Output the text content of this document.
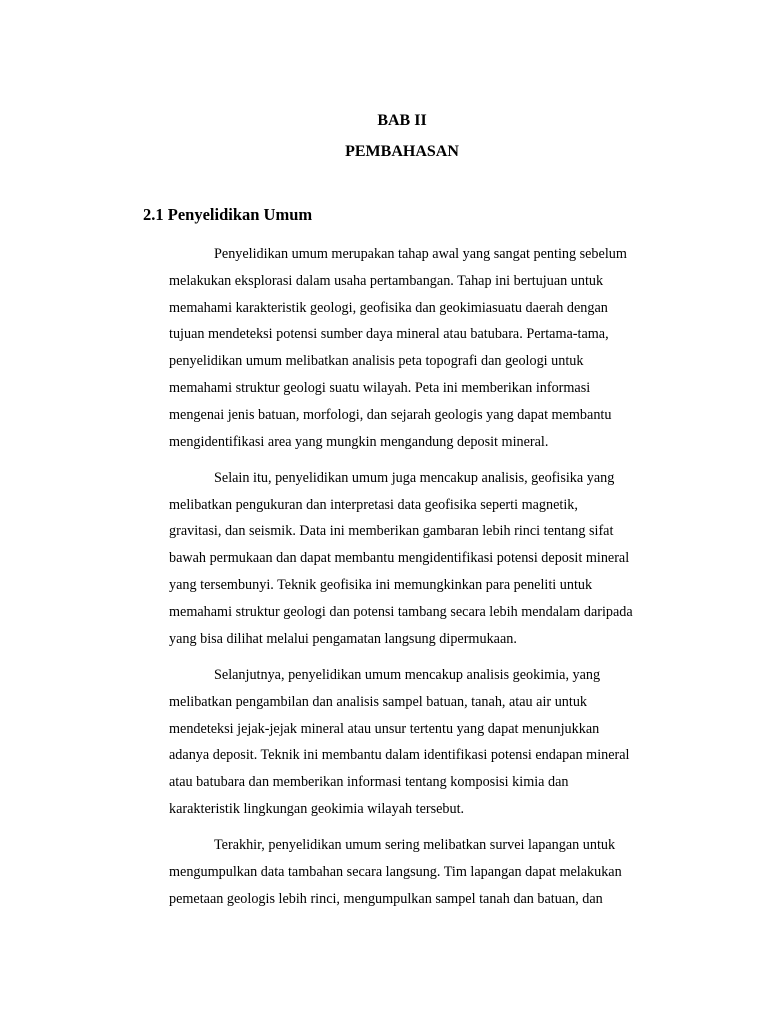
BAB II
PEMBAHASAN
2.1 Penyelidikan Umum

Penyelidikan umum merupakan tahap awal yang sangat penting sebelum
melakukan eksplorasi dalam usaha pertambangan. Tahap ini bertujuan untuk
memahami karakteristik geologi, geofisika dan geokimiasuatu daerah dengan
tujuan mendeteksi potensi sumber daya mineral atau batubara. Pertama-tama,
penyelidikan umum melibatkan analisis peta topografi dan geologi untuk
memahami struktur geologi suatu wilayah. Peta ini memberikan informasi
mengenai jenis batuan, morfologi, dan sejarah geologis yang dapat membantu
mengidentifikasi area yang mungkin mengandung deposit mineral.

Selain itu, penyelidikan umum juga mencakup analisis, geofisika yang
melibatkan pengukuran dan interpretasi data geofisika seperti magnetik,
gravitasi, dan seismik. Data ini memberikan gambaran lebih rinci tentang sifat
bawah permukaan dan dapat membantu mengidentifikasi potensi deposit mineral
yang tersembunyi. Teknik geofisika ini memungkinkan para peneliti untuk
memahami struktur geologi dan potensi tambang secara lebih mendalam daripada
yang bisa dilihat melalui pengamatan langsung dipermukaan.

Selanjutnya, penyelidikan umum mencakup analisis geokimia, yang
melibatkan pengambilan dan analisis sampel batuan, tanah, atau air untuk
mendeteksi jejak-jejak mineral atau unsur tertentu yang dapat menunjukkan
adanya deposit. Teknik ini membantu dalam identifikasi potensi endapan mineral
atau batubara dan memberikan informasi tentang komposisi kimia dan
karakteristik lingkungan geokimia wilayah tersebut.

Terakhir, penyelidikan umum sering melibatkan survei lapangan untuk
mengumpulkan data tambahan secara langsung. Tim lapangan dapat melakukan
pemetaan geologis lebih rinci, mengumpulkan sampel tanah dan batuan, dan
